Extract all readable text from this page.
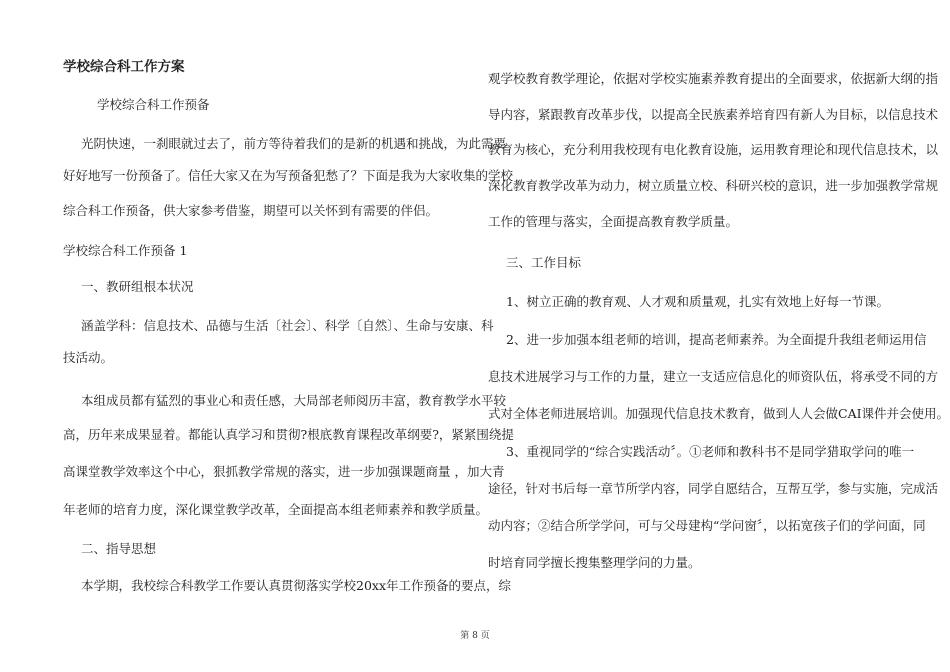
学校综合科工作方案
学校综合科工作预备
光阴快速，一刹眼就过去了，前方等待着我们的是新的机遇和挑战，为此需要
好好地写一份预备了。信任大家又在为写预备犯愁了？下面是我为大家收集的学校
综合科工作预备，供大家参考借鉴，期望可以关怀到有需要的伴侣。
学校综合科工作预备 1
一、教研组根本状况
涵盖学科：信息技术、品德与生活〔社会〕、科学〔自然〕、生命与安康、科
技活动。
本组成员都有猛烈的事业心和责任感，大局部老师阅历丰富，教育教学水平较
高，历年来成果显着。都能认真学习和贯彻?根底教育课程改革纲要?，紧紧围绕提
高课堂教学效率这个中心，狠抓教学常规的落实，进一步加强课题商量 ，加大青
年老师的培育力度，深化课堂教学改革，全面提高本组老师素养和教学质量。
二、指导思想
本学期，我校综合科教学工作要认真贯彻落实学校20xx年工作预备的要点，综
观学校教育教学理论，依据对学校实施素养教育提出的全面要求，依据新大纲的指
导内容，紧跟教育改革步伐，以提高全民族素养培育四有新人为目标，以信息技术
教育为核心，充分利用我校现有电化教育设施，运用教育理论和现代信息技术，以
深化教育教学改革为动力，树立质量立校、科研兴校的意识，进一步加强教学常规
工作的管理与落实，全面提高教育教学质量。
三、工作目标
1、树立正确的教育观、人才观和质量观，扎实有效地上好每一节课。
2、进一步加强本组老师的培训，提高老师素养。为全面提升我组老师运用信
息技术进展学习与工作的力量，建立一支适应信息化的师资队伍，将承受不同的方
式对全体老师进展培训。加强现代信息技术教育，做到人人会做CAI课件并会使用。
3、重视同学的“综合实践活动〞。①老师和教科书不是同学猎取学问的唯一
途径，针对书后每一章节所学内容，同学自愿结合，互帮互学，参与实施，完成活
动内容；②结合所学学问，可与父母建构“学问窗〞，以拓宽孩子们的学问面，同
时培育同学擅长搜集整理学问的力量。
第 8 页
